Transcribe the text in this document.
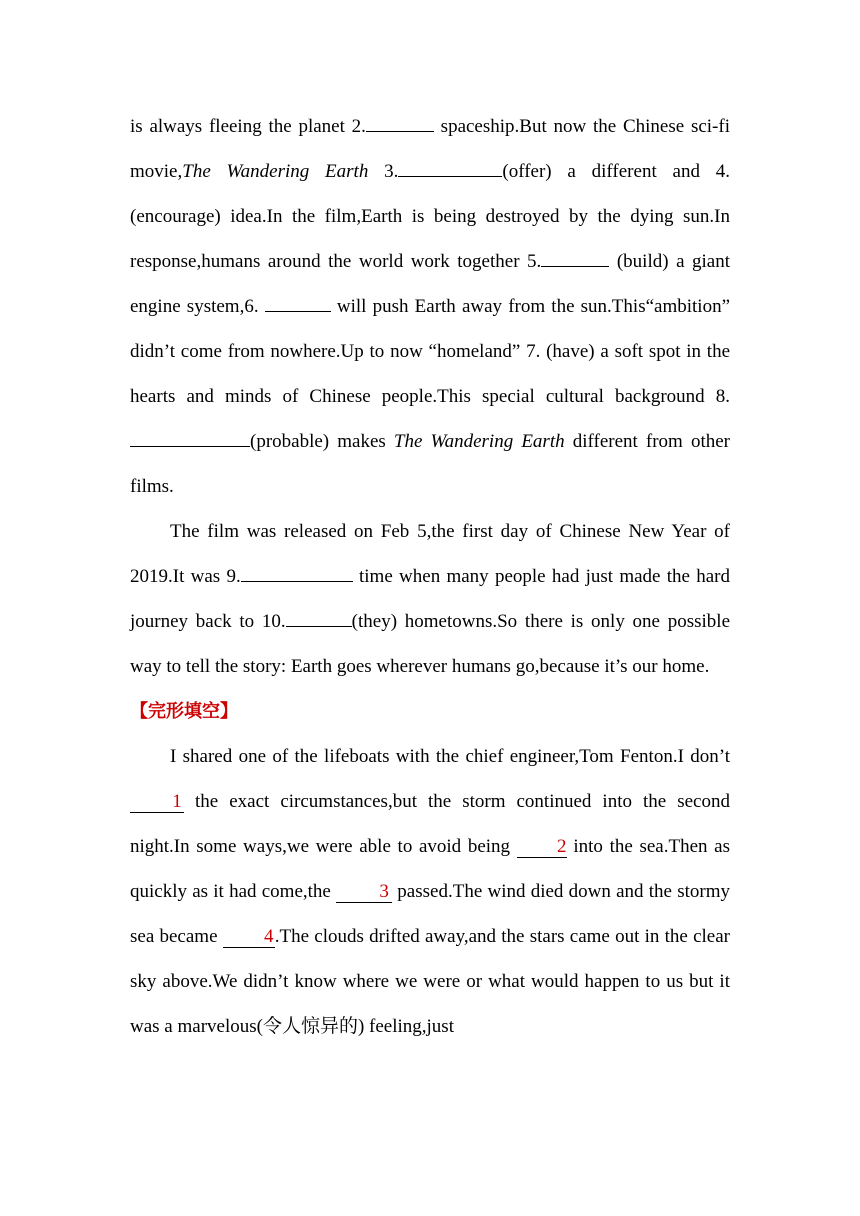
is always fleeing the planet 2.	spaceship.But now the Chinese sci-fi movie,The Wandering Earth 3.	(offer) a different and 4. (encourage) idea.In the film,Earth is being destroyed by the dying sun.In response,humans around the world work together 5.	(build) a giant engine system,6.	will push Earth away from the sun.This“ambition” didn’t come from nowhere.Up to now “homeland” 7. (have) a soft spot in the hearts and minds of Chinese people.This special cultural background 8.(probable) makes The Wandering Earth different from other films.

The film was released on Feb 5,the first day of Chinese New Year of 2019.It was 9.	time when many people had just made the hard journey back to 10.	(they) hometowns.So there is only one possible way to tell the story: Earth goes wherever humans go,because it’s our home.

【完形填空】

I shared one of the lifeboats with the chief engineer,Tom Fenton.I don’t 1 the exact circumstances,but the storm continued into the second night.In some ways,we were able to avoid being 2 into the sea.Then as quickly as it had come,the 3 passed.The wind died down and the stormy sea became 4.The clouds drifted away,and the stars came out in the clear sky above.We didn’t know where we were or what would happen to us but it was a marvelous(令人惊异的) feeling,just
